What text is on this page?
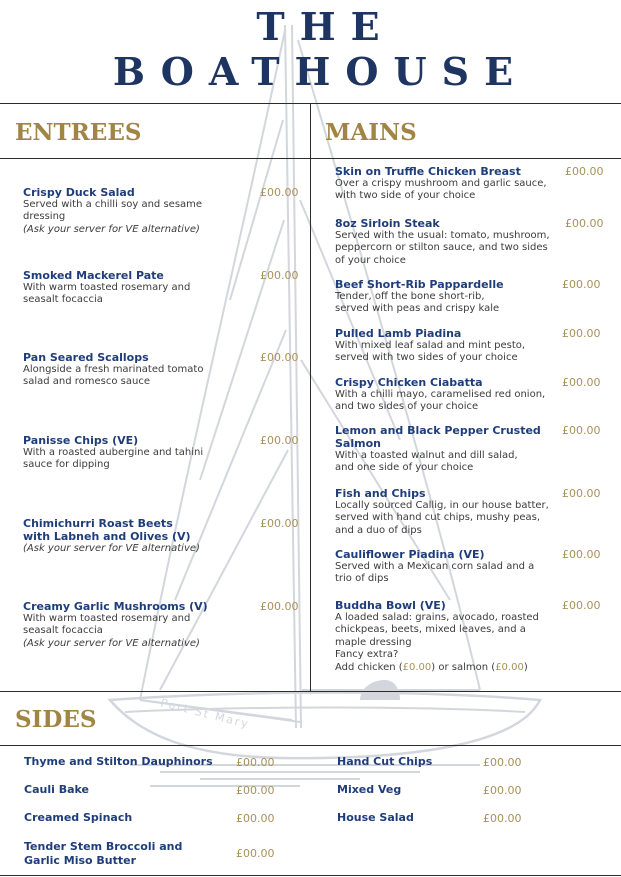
Port St Mary
THE
BOATHOUSE
ENTREES	MAINS
SIDES
Crispy Duck Salad
Served with a chilli soy and sesame dressing
(Ask your server for VE alternative)
£00.00
Smoked Mackerel Pate
With warm toasted rosemary and seasalt focaccia
£00.00
Pan Seared Scallops
Alongside a fresh marinated tomato salad and romesco sauce
£00.00
Panisse Chips (VE)
With a roasted aubergine and tahini sauce for dipping
£00.00
Chimichurri Roast Beets with Labneh and Olives (V)
(Ask your server for VE alternative)
£00.00
Creamy Garlic Mushrooms (V)
With warm toasted rosemary and seasalt focaccia
(Ask your server for VE alternative)
£00.00
Skin on Truffle Chicken Breast
Over a crispy mushroom and garlic sauce, with two side of your choice
£00.00
8oz Sirloin Steak
Served with the usual: tomato, mushroom, peppercorn or stilton sauce, and two sides of your choice
£00.00
Beef Short-Rib Pappardelle
Tender, off the bone short-rib, served with peas and crispy kale
£00.00
Pulled Lamb Piadina
With mixed leaf salad and mint pesto, served with two sides of your choice
£00.00
Crispy Chicken Ciabatta
With a chilli mayo, caramelised red onion, and two sides of your choice
£00.00
Lemon and Black Pepper Crusted Salmon
With a toasted walnut and dill salad, and one side of your choice
£00.00
Fish and Chips
Locally sourced Callig, in our house batter, served with hand cut chips, mushy peas, and a duo of dips
£00.00
Cauliflower Piadina (VE)
Served with a Mexican corn salad and a trio of dips
£00.00
Buddha Bowl (VE)
A loaded salad: grains, avocado, roasted chickpeas, beets, mixed leaves, and a maple dressing
Fancy extra?
Add chicken (£0.00) or salmon (£0.00)
£00.00
Thyme and Stilton Dauphinors £00.00
Cauli Bake	£00.00
Creamed Spinach	£00.00
Tender Stem Broccoli and Garlic Miso Butter
£00.00
Hand Cut Chips	£00.00
Mixed Veg	£00.00
House Salad	£00.00
